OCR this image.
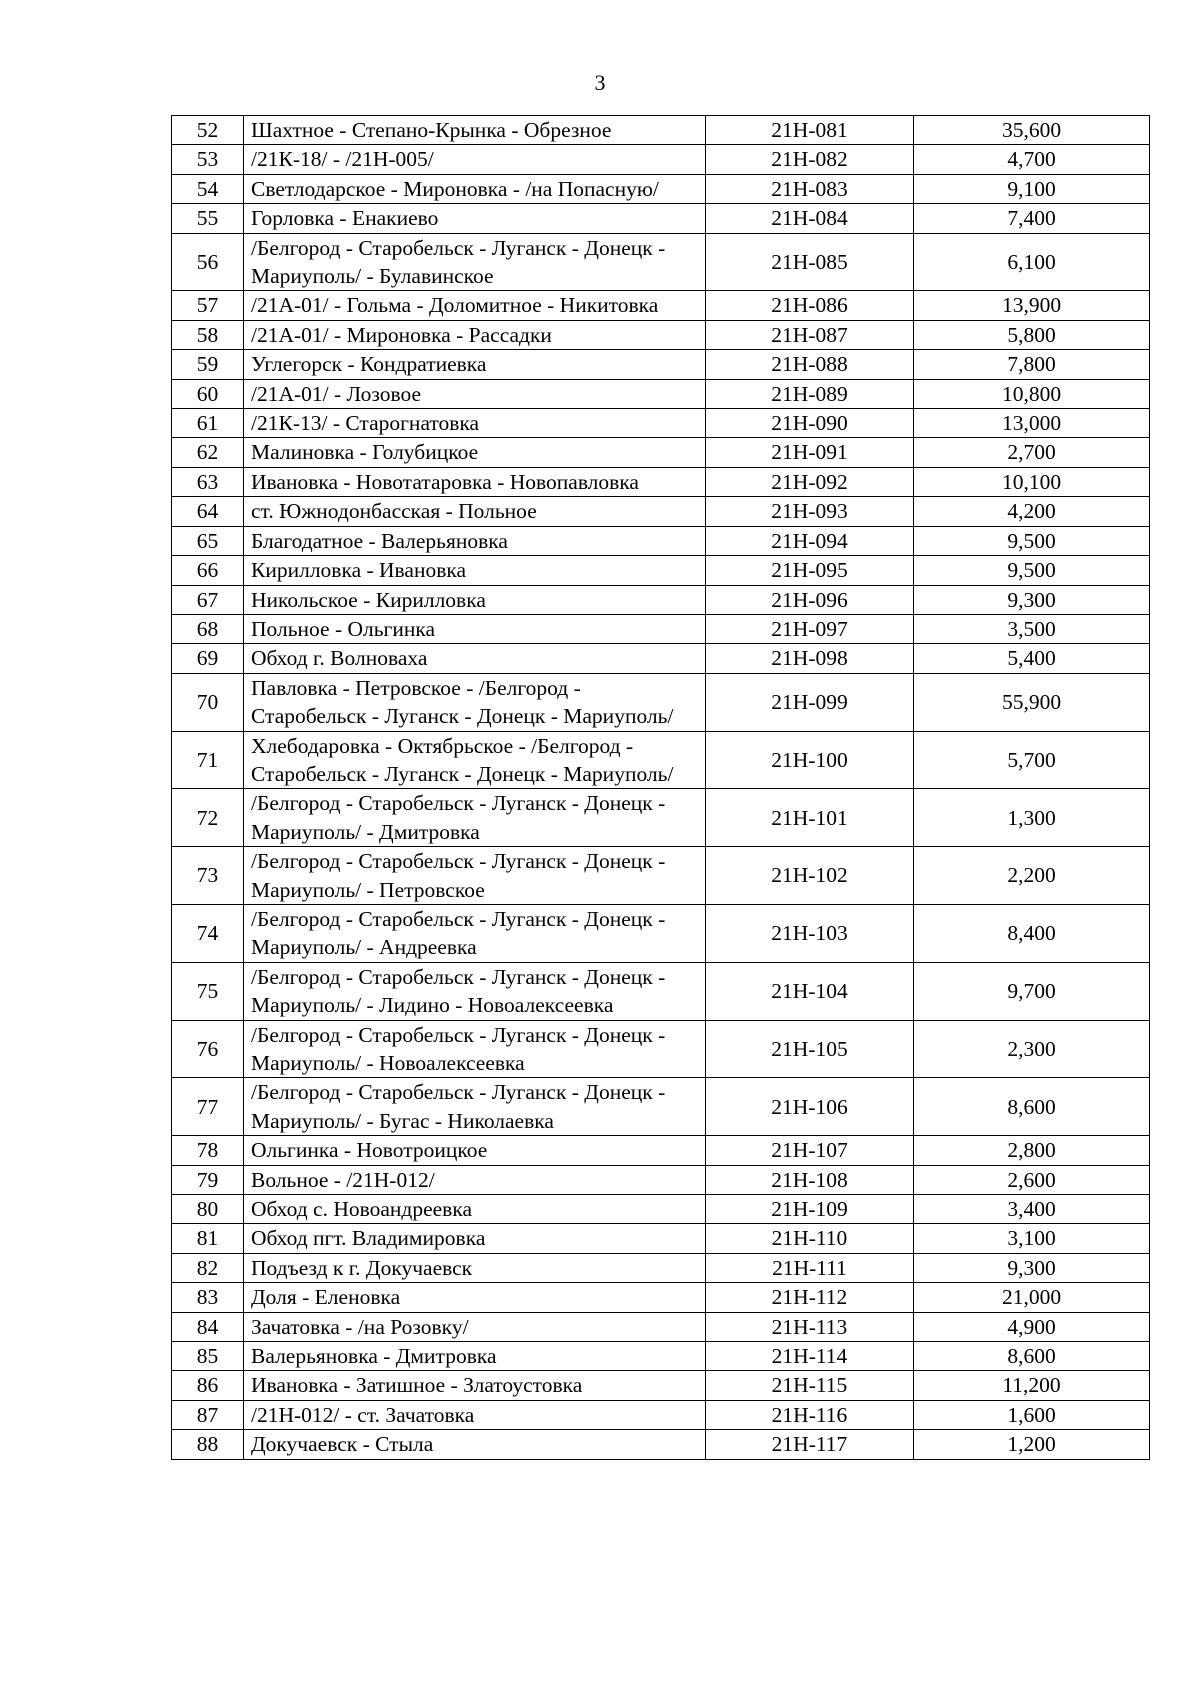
3
52	Шахтное - Степано-Крынка - Обрезное	21Н-081	35,600
53	/21К-18/ - /21Н-005/	21Н-082	4,700
54	Светлодарское - Мироновка - /на Попасную/	21Н-083	9,100
55	Горловка - Енакиево	21Н-084	7,400
56	/Белгород - Старобельск - Луганск - Донецк - Мариуполь/ - Булавинское	21Н-085	6,100
57	/21А-01/ - Гольма - Доломитное - Никитовка	21Н-086	13,900
58	/21А-01/ - Мироновка - Рассадки	21Н-087	5,800
59	Углегорск - Кондратиевка	21Н-088	7,800
60	/21А-01/ - Лозовое	21Н-089	10,800
61	/21К-13/ - Старогнатовка	21Н-090	13,000
62	Малиновка - Голубицкое	21Н-091	2,700
63	Ивановка - Новотатаровка - Новопавловка	21Н-092	10,100
64	ст. Южнодонбасская - Польное	21Н-093	4,200
65	Благодатное - Валерьяновка	21Н-094	9,500
66	Кирилловка - Ивановка	21Н-095	9,500
67	Никольское - Кирилловка	21Н-096	9,300
68	Польное - Ольгинка	21Н-097	3,500
69	Обход г. Волноваха	21Н-098	5,400
70	Павловка - Петровское - /Белгород - Старобельск - Луганск - Донецк - Мариуполь/	21Н-099	55,900
71	Хлебодаровка - Октябрьское - /Белгород - Старобельск - Луганск - Донецк - Мариуполь/	21Н-100	5,700
72	/Белгород - Старобельск - Луганск - Донецк - Мариуполь/ - Дмитровка	21Н-101	1,300
73	/Белгород - Старобельск - Луганск - Донецк - Мариуполь/ - Петровское	21Н-102	2,200
74	/Белгород - Старобельск - Луганск - Донецк - Мариуполь/ - Андреевка	21Н-103	8,400
75	/Белгород - Старобельск - Луганск - Донецк - Мариуполь/ - Лидино - Новоалексеевка	21Н-104	9,700
76	/Белгород - Старобельск - Луганск - Донецк - Мариуполь/ - Новоалексеевка	21Н-105	2,300
77	/Белгород - Старобельск - Луганск - Донецк - Мариуполь/ - Бугас - Николаевка	21Н-106	8,600
78	Ольгинка - Новотроицкое	21Н-107	2,800
79	Вольное - /21Н-012/	21Н-108	2,600
80	Обход с. Новоандреевка	21Н-109	3,400
81	Обход пгт. Владимировка	21Н-110	3,100
82	Подъезд к г. Докучаевск	21Н-111	9,300
83	Доля - Еленовка	21Н-112	21,000
84	Зачатовка - /на Розовку/	21Н-113	4,900
85	Валерьяновка - Дмитровка	21Н-114	8,600
86	Ивановка - Затишное - Златоустовка	21Н-115	11,200
87	/21Н-012/ - ст. Зачатовка	21Н-116	1,600
88	Докучаевск - Стыла	21Н-117	1,200
